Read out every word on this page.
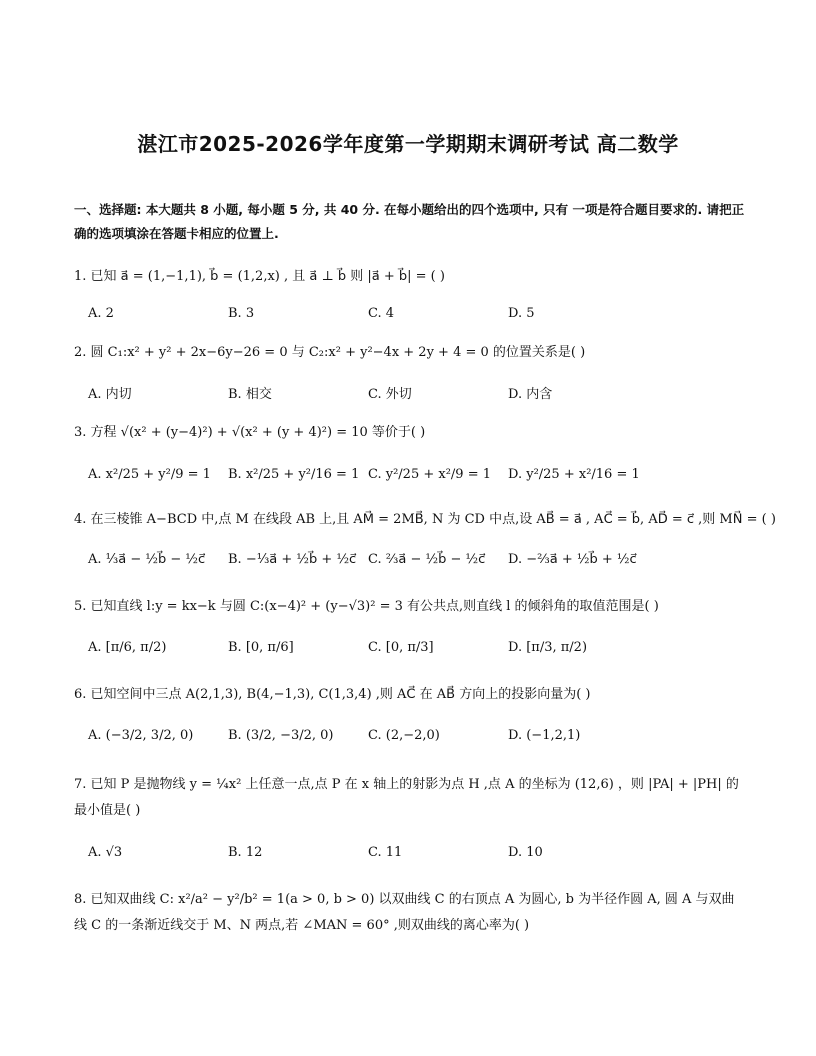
湛江市2025-2026学年度第一学期期末调研考试 高二数学
一、选择题: 本大题共 8 小题, 每小题 5 分, 共 40 分. 在每小题给出的四个选项中, 只有 一项是符合题目要求的. 请把正确的选项填涂在答题卡相应的位置上.
1. 已知 a⃗ = (1,−1,1), b⃗ = (1,2,x) , 且 a⃗ ⊥ b⃗ 则 |a⃗ + b⃗| = ( )
A. 2	B. 3	C. 4	D. 5
2. 圆 C₁:x² + y² + 2x−6y−26 = 0 与 C₂:x² + y²−4x + 2y + 4 = 0 的位置关系是( )
A. 内切	B. 相交	C. 外切	D. 内含
3. 方程 √(x² + (y−4)²) + √(x² + (y + 4)²) = 10 等价于( )
A. x²/25 + y²/9 = 1 B. x²/25 + y²/16 = 1 C. y²/25 + x²/9 = 1 D. y²/25 + x²/16 = 1
4. 在三棱锥 A−BCD 中,点 M 在线段 AB 上,且 AM⃗ = 2MB⃗, N 为 CD 中点,设 AB⃗ = a⃗ , AC⃗ = b⃗, AD⃗ = c⃗ ,则 MN⃗ = ( )
A. ⅓a⃗ − ½b⃗ − ½c⃗ B. −⅓a⃗ + ½b⃗ + ½c⃗ C. ⅔a⃗ − ½b⃗ − ½c⃗ D. −⅔a⃗ + ½b⃗ + ½c⃗
5. 已知直线 l:y = kx−k 与圆 C:(x−4)² + (y−√3)² = 3 有公共点,则直线 l 的倾斜角的取值范围是( )
A. [π/6, π/2)	B. [0, π/6]	C. [0, π/3]	D. [π/3, π/2)
6. 已知空间中三点 A(2,1,3), B(4,−1,3), C(1,3,4) ,则 AC⃗ 在 AB⃗ 方向上的投影向量为( )
A. (−3/2, 3/2, 0)	B. (3/2, −3/2, 0)	C. (2,−2,0)	D. (−1,2,1)
7. 已知 P 是抛物线 y = ¼x² 上任意一点,点 P 在 x 轴上的射影为点 H ,点 A 的坐标为 (12,6) ，则 |PA| + |PH| 的最小值是( )
A. √3	B. 12	C. 11	D. 10
8. 已知双曲线 C: x²/a² − y²/b² = 1(a > 0, b > 0) 以双曲线 C 的右顶点 A 为圆心, b 为半径作圆 A, 圆 A 与双曲线 C 的一条渐近线交于 M、N 两点,若 ∠MAN = 60° ,则双曲线的离心率为( )
